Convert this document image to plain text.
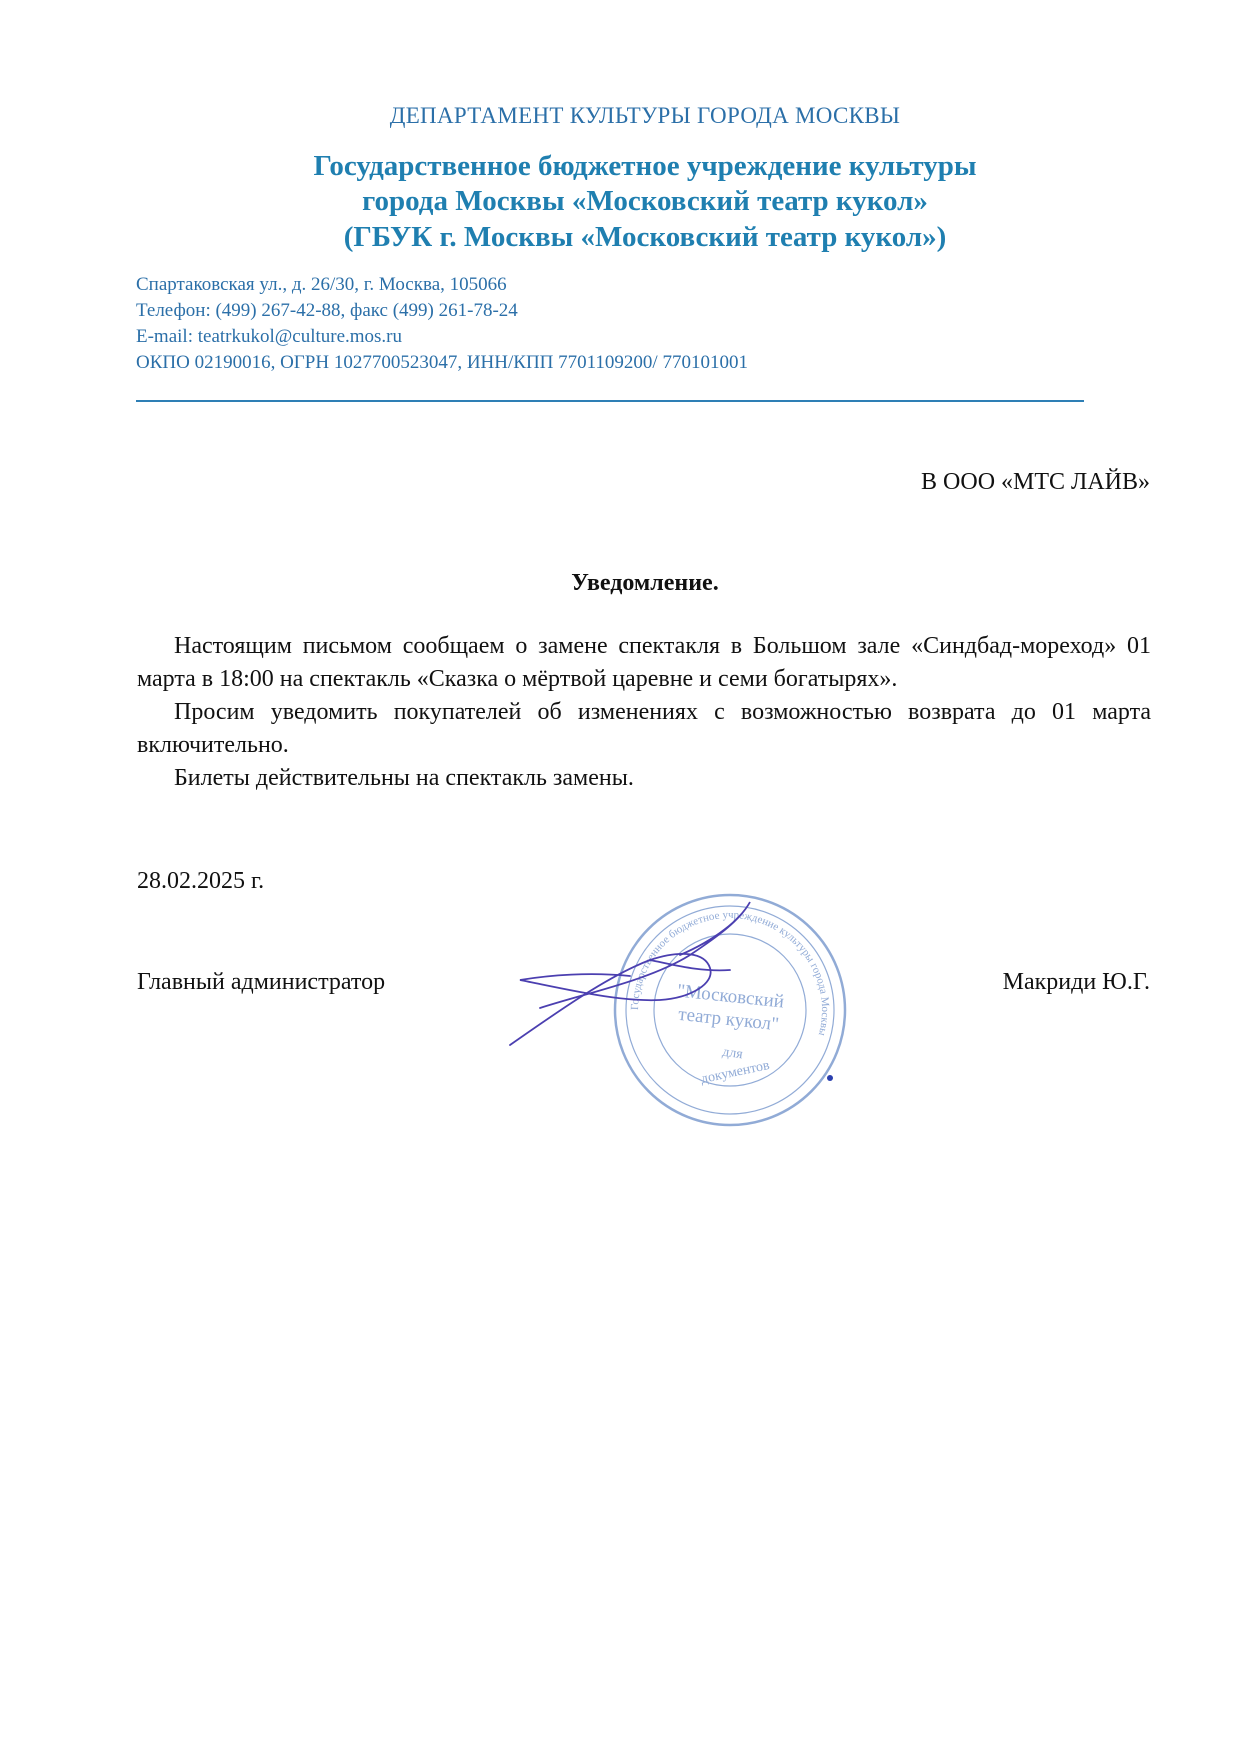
ДЕПАРТАМЕНТ КУЛЬТУРЫ ГОРОДА МОСКВЫ
Государственное бюджетное учреждение культуры
города Москвы «Московский театр кукол»
(ГБУК г. Москвы «Московский театр кукол»)
Спартаковская ул., д. 26/30, г. Москва, 105066
Телефон: (499) 267-42-88, факс (499) 261-78-24
E-mail: teatrkukol@culture.mos.ru
ОКПО 02190016, ОГРН 1027700523047, ИНН/КПП 7701109200/ 770101001
В ООО «МТС ЛАЙВ»
Уведомление.

Настоящим письмом сообщаем о замене спектакля в Большом зале «Синдбад-мореход» 01 марта в 18:00 на спектакль «Сказка о мёртвой царевне и семи богатырях».

Просим уведомить покупателей об изменениях с возможностью возврата до 01 марта включительно.

Билеты действительны на спектакль замены.

28.02.2025 г.
Главный администратор	Макриди Ю.Г.
Государственное бюджетное учреждение культуры города Москвы
"Московский
театр кукол"
для
документов
